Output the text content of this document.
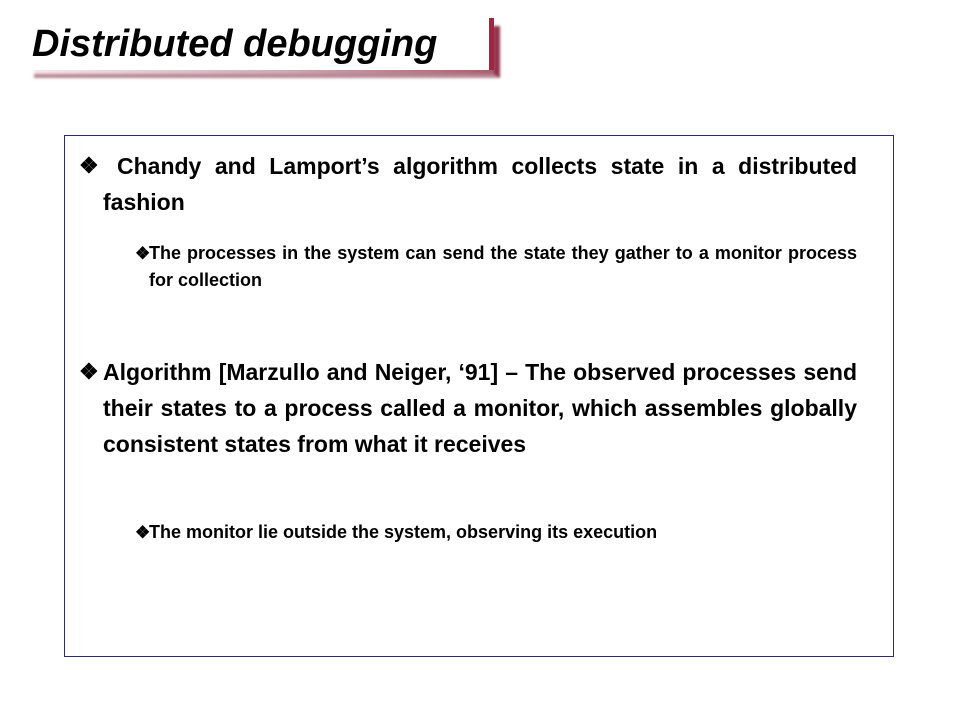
Distributed debugging
❖ Chandy and Lamport’s algorithm collects state in a distributed fashion
❖
The processes in the system can send the state they gather to a monitor process for collection
❖ Algorithm [Marzullo and Neiger, ‘91] – The observed processes send their states to a process called a monitor, which assembles globally consistent states from what it receives
❖
The monitor lie outside the system, observing its execution
